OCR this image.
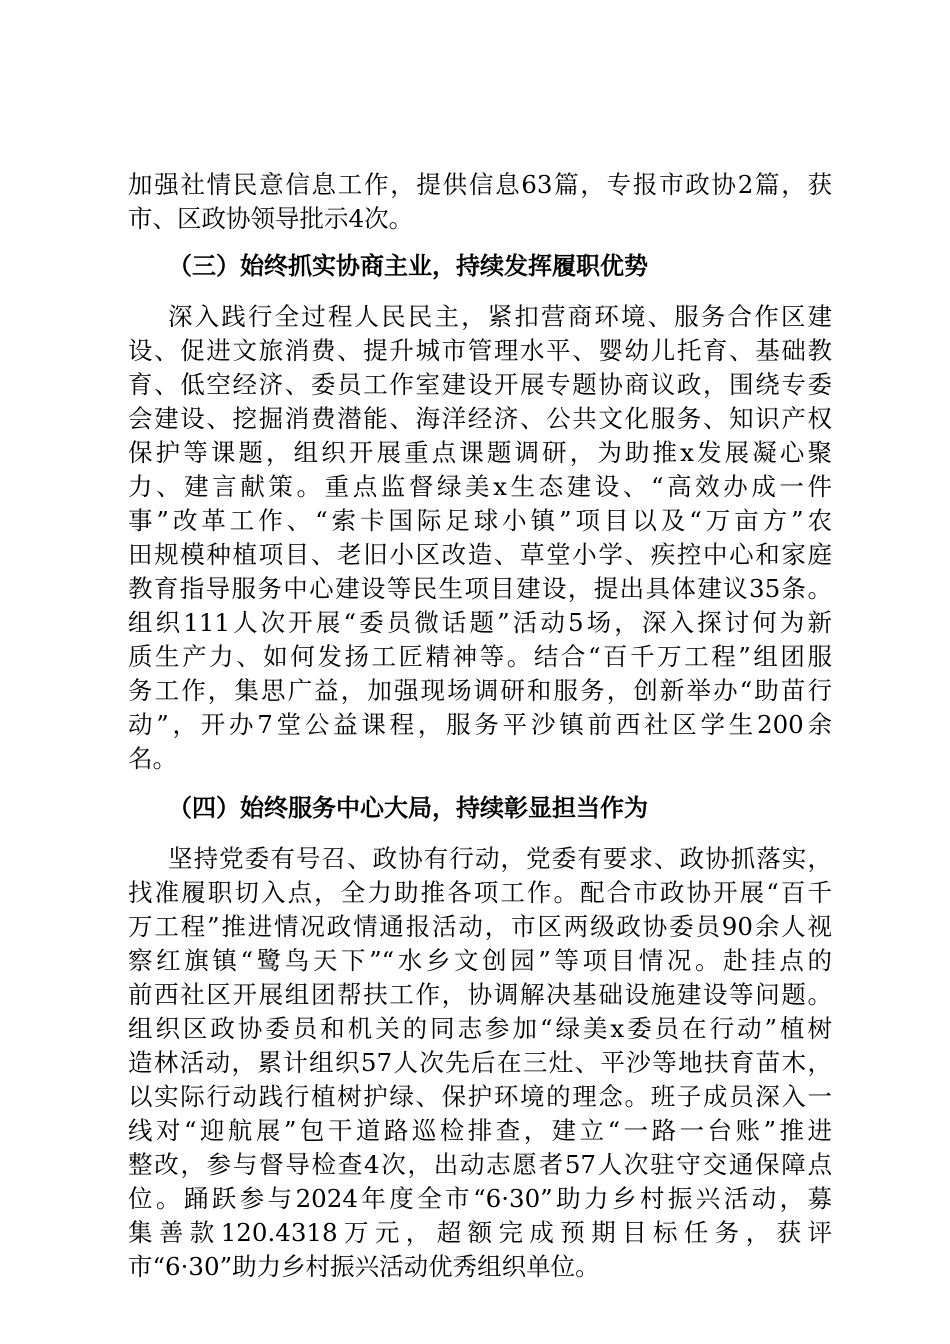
加强社情民意信息工作，提供信息63篇，专报市政协2篇，获
市、区政协领导批示4次。
（三）始终抓实协商主业，持续发挥履职优势
深入践行全过程人民民主，紧扣营商环境、服务合作区建
设、促进文旅消费、提升城市管理水平、婴幼儿托育、基础教
育、低空经济、委员工作室建设开展专题协商议政，围绕专委
会建设、挖掘消费潜能、海洋经济、公共文化服务、知识产权
保护等课题，组织开展重点课题调研，为助推x发展凝心聚
力、建言献策。重点监督绿美x生态建设、“高效办成一件
事”改革工作、“索卡国际足球小镇”项目以及“万亩方”农
田规模种植项目、老旧小区改造、草堂小学、疾控中心和家庭
教育指导服务中心建设等民生项目建设，提出具体建议35条。
组织111人次开展“委员微话题”活动5场，深入探讨何为新
质生产力、如何发扬工匠精神等。结合“百千万工程”组团服
务工作，集思广益，加强现场调研和服务，创新举办“助苗行
动”，开办7堂公益课程，服务平沙镇前西社区学生200余
名。
（四）始终服务中心大局，持续彰显担当作为
坚持党委有号召、政协有行动，党委有要求、政协抓落实，
找准履职切入点，全力助推各项工作。配合市政协开展“百千
万工程”推进情况政情通报活动，市区两级政协委员90余人视
察红旗镇“鹭鸟天下”“水乡文创园”等项目情况。赴挂点的
前西社区开展组团帮扶工作，协调解决基础设施建设等问题。
组织区政协委员和机关的同志参加“绿美x委员在行动”植树
造林活动，累计组织57人次先后在三灶、平沙等地扶育苗木，
以实际行动践行植树护绿、保护环境的理念。班子成员深入一
线对“迎航展”包干道路巡检排查，建立“一路一台账”推进
整改，参与督导检查4次，出动志愿者57人次驻守交通保障点
位。踊跃参与2024年度全市“6·30”助力乡村振兴活动，募
集善款120.4318万元，超额完成预期目标任务，获评
市“6·30”助力乡村振兴活动优秀组织单位。
